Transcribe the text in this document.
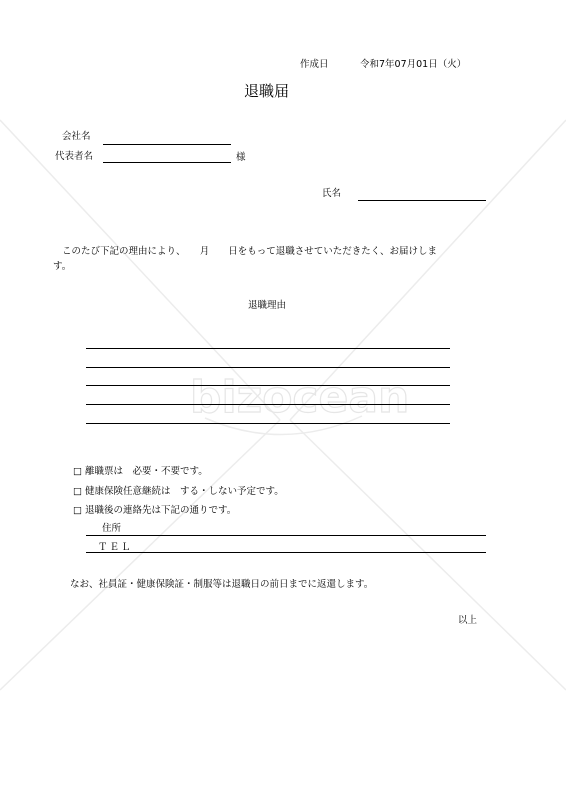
bizocean
作成日	令和7年07月01日（火）
退職届
会社名
代表者名	様
氏名
このたび下記の理由により、　　月　　日をもって退職させていただきたく、お届けしま
す。
退職理由
□ 離職票は　必要・不要です。
□ 健康保険任意継続は　する・しない予定です。
□ 退職後の連絡先は下記の通りです。
住所
ＴＥＬ
なお、社員証・健康保険証・制服等は退職日の前日までに返還します。
以上
